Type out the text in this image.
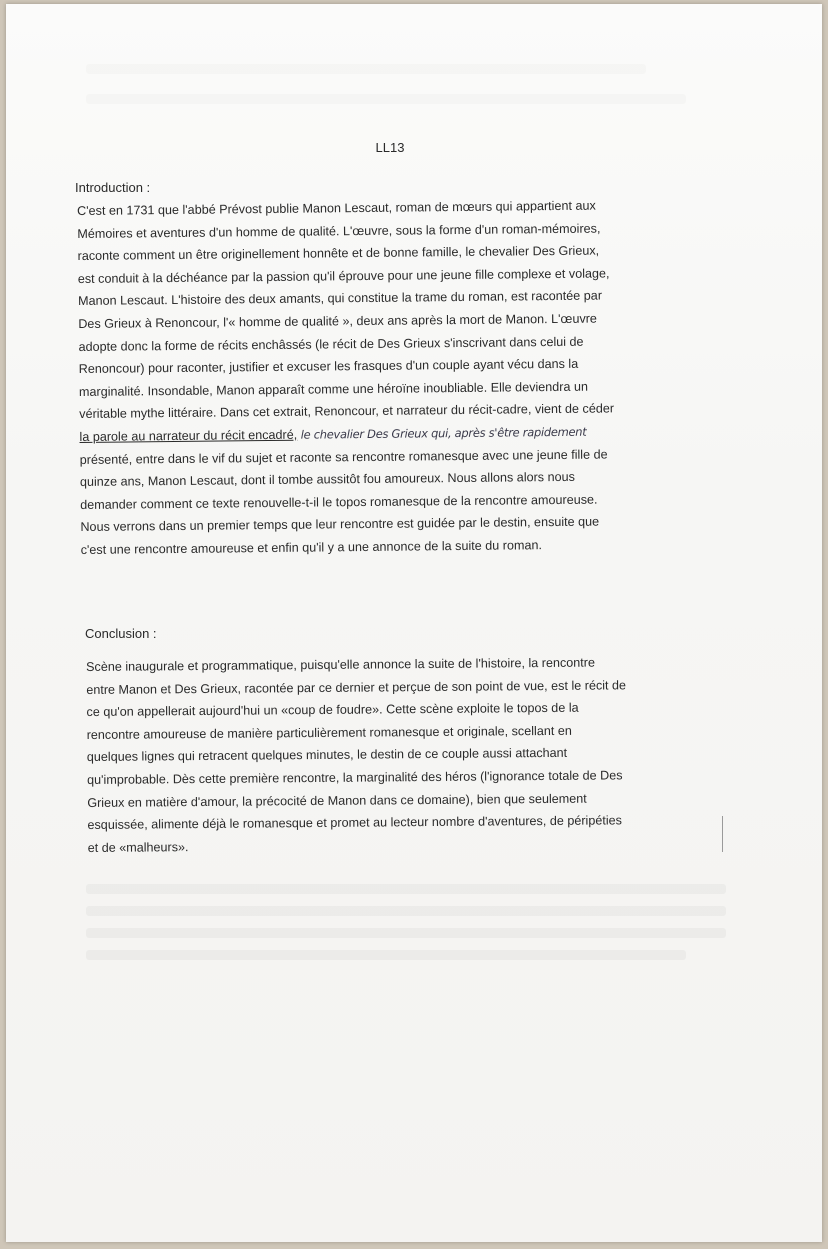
LL13
Introduction :
C'est en 1731 que l'abbé Prévost publie Manon Lescaut, roman de mœurs qui appartient aux
Mémoires et aventures d'un homme de qualité. L'œuvre, sous la forme d'un roman-mémoires,
raconte comment un être originellement honnête et de bonne famille, le chevalier Des Grieux,
est conduit à la déchéance par la passion qu'il éprouve pour une jeune fille complexe et volage,
Manon Lescaut. L'histoire des deux amants, qui constitue la trame du roman, est racontée par
Des Grieux à Renoncour, l'« homme de qualité », deux ans après la mort de Manon. L'œuvre
adopte donc la forme de récits enchâssés (le récit de Des Grieux s'inscrivant dans celui de
Renoncour) pour raconter, justifier et excuser les frasques d'un couple ayant vécu dans la
marginalité. Insondable, Manon apparaît comme une héroïne inoubliable. Elle deviendra un
véritable mythe littéraire. Dans cet extrait, Renoncour, et narrateur du récit-cadre, vient de céder
la parole au narrateur du récit encadré, le chevalier Des Grieux qui, après s'être rapidement
présenté, entre dans le vif du sujet et raconte sa rencontre romanesque avec une jeune fille de
quinze ans, Manon Lescaut, dont il tombe aussitôt fou amoureux. Nous allons alors nous
demander comment ce texte renouvelle-t-il le topos romanesque de la rencontre amoureuse.
Nous verrons dans un premier temps que leur rencontre est guidée par le destin, ensuite que
c'est une rencontre amoureuse et enfin qu'il y a une annonce de la suite du roman.
Conclusion :
Scène inaugurale et programmatique, puisqu'elle annonce la suite de l'histoire, la rencontre
entre Manon et Des Grieux, racontée par ce dernier et perçue de son point de vue, est le récit de
ce qu'on appellerait aujourd'hui un «coup de foudre». Cette scène exploite le topos de la
rencontre amoureuse de manière particulièrement romanesque et originale, scellant en
quelques lignes qui retracent quelques minutes, le destin de ce couple aussi attachant
qu'improbable. Dès cette première rencontre, la marginalité des héros (l'ignorance totale de Des
Grieux en matière d'amour, la précocité de Manon dans ce domaine), bien que seulement
esquissée, alimente déjà le romanesque et promet au lecteur nombre d'aventures, de péripéties
et de «malheurs».
